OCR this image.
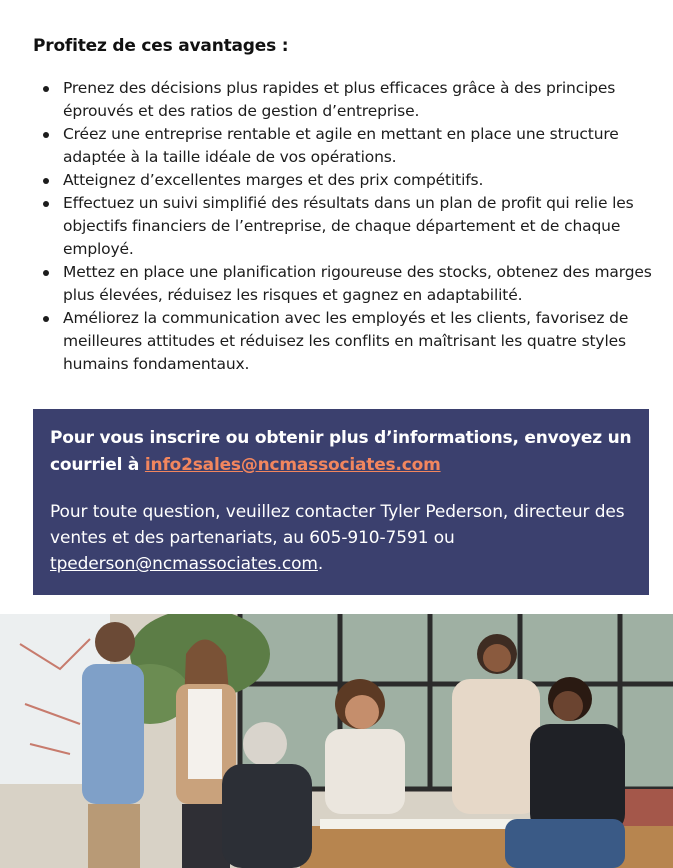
Profitez de ces avantages :
Prenez des décisions plus rapides et plus efficaces grâce à des principes éprouvés et des ratios de gestion d’entreprise.
Créez une entreprise rentable et agile en mettant en place une structure adaptée à la taille idéale de vos opérations.
Atteignez d’excellentes marges et des prix compétitifs.
Effectuez un suivi simplifié des résultats dans un plan de profit qui relie les objectifs financiers de l’entreprise, de chaque département et de chaque employé.
Mettez en place une planification rigoureuse des stocks, obtenez des marges plus élevées, réduisez les risques et gagnez en adaptabilité.
Améliorez la communication avec les employés et les clients, favorisez de meilleures attitudes et réduisez les conflits en maîtrisant les quatre styles humains fondamentaux.

Pour vous inscrire ou obtenir plus d’informations, envoyez un courriel à info2sales@ncmassociates.com

Pour toute question, veuillez contacter Tyler Pederson, directeur des ventes et des partenariats, au 605-910-7591 ou tpederson@ncmassociates.com.
